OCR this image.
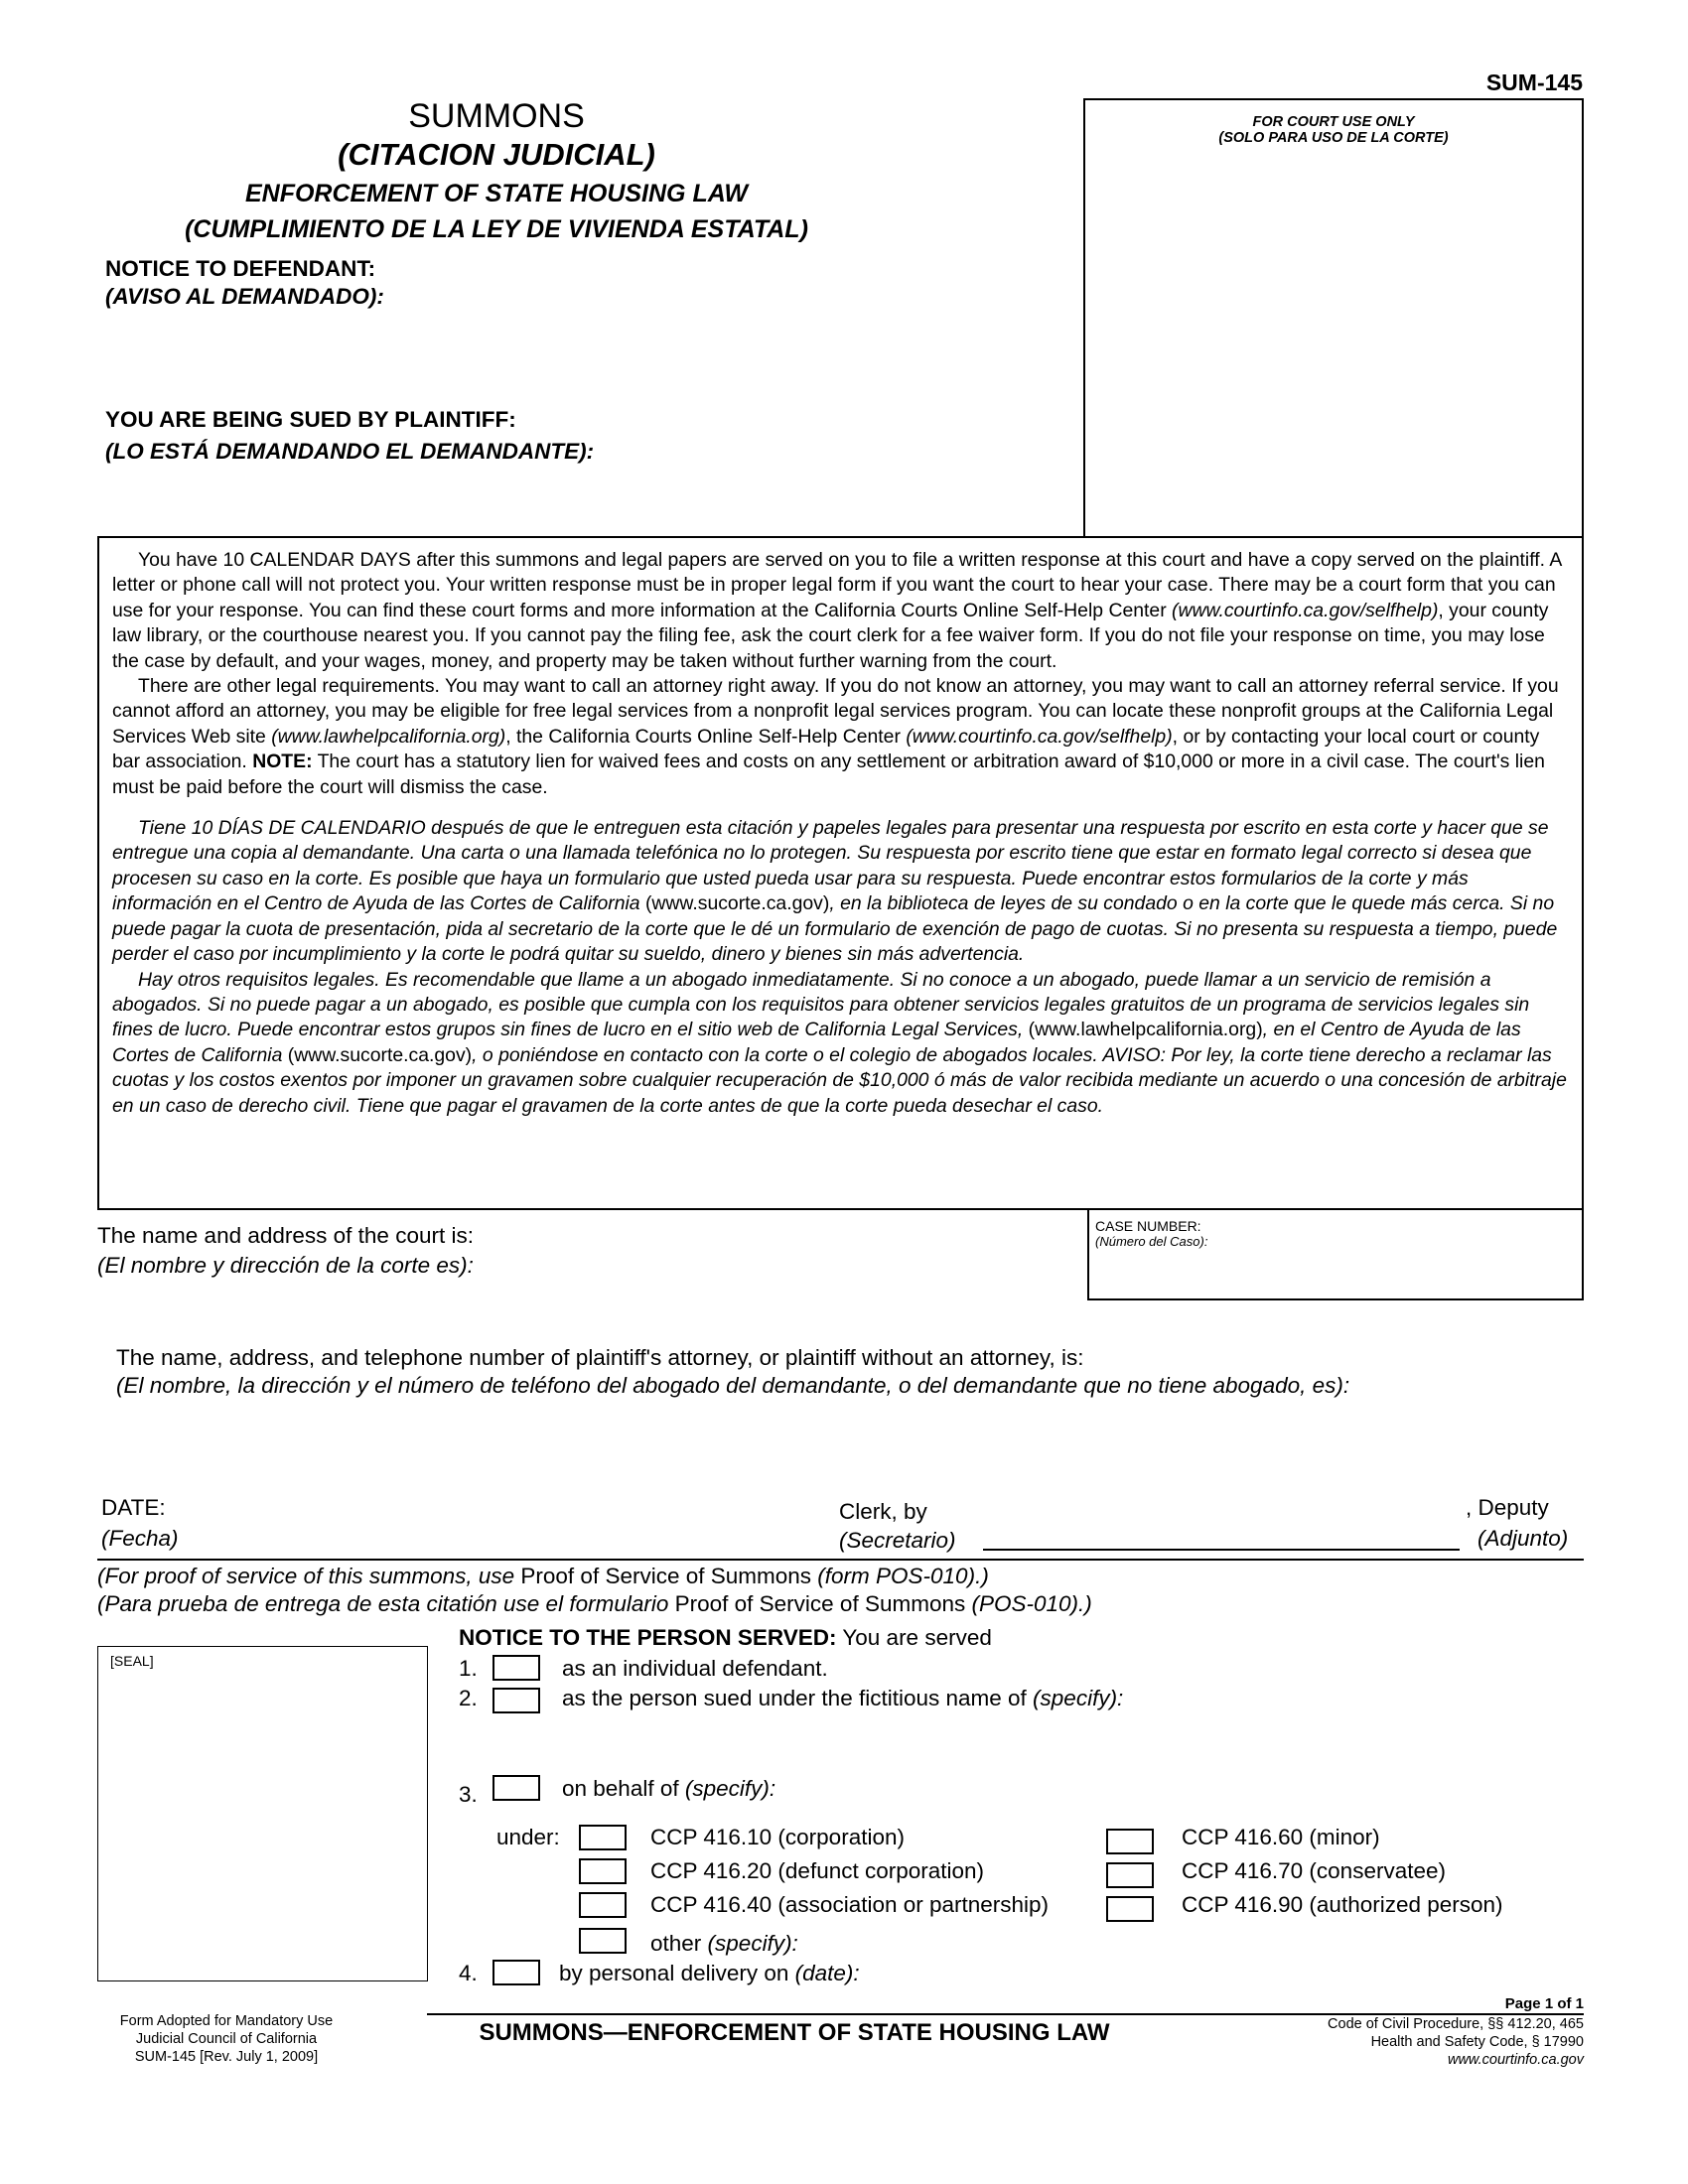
SUM-145
SUMMONS
(CITACION JUDICIAL)
ENFORCEMENT OF STATE HOUSING LAW
(CUMPLIMIENTO DE LA LEY DE VIVIENDA ESTATAL)
NOTICE TO DEFENDANT:
(AVISO AL DEMANDADO):
YOU ARE BEING SUED BY PLAINTIFF:
(LO ESTÁ DEMANDANDO EL DEMANDANTE):
FOR COURT USE ONLY
(SOLO PARA USO DE LA CORTE)

You have 10 CALENDAR DAYS after this summons and legal papers are served on you to file a written response at this court and have a copy served on the plaintiff. A letter or phone call will not protect you. Your written response must be in proper legal form if you want the court to hear your case. There may be a court form that you can use for your response. You can find these court forms and more information at the California Courts Online Self-Help Center (www.courtinfo.ca.gov/selfhelp), your county law library, or the courthouse nearest you. If you cannot pay the filing fee, ask the court clerk for a fee waiver form. If you do not file your response on time, you may lose the case by default, and your wages, money, and property may be taken without further warning from the court.

There are other legal requirements. You may want to call an attorney right away. If you do not know an attorney, you may want to call an attorney referral service. If you cannot afford an attorney, you may be eligible for free legal services from a nonprofit legal services program. You can locate these nonprofit groups at the California Legal Services Web site (www.lawhelpcalifornia.org), the California Courts Online Self-Help Center (www.courtinfo.ca.gov/selfhelp), or by contacting your local court or county bar association. NOTE: The court has a statutory lien for waived fees and costs on any settlement or arbitration award of $10,000 or more in a civil case. The court's lien must be paid before the court will dismiss the case.

Tiene 10 DÍAS DE CALENDARIO después de que le entreguen esta citación y papeles legales para presentar una respuesta por escrito en esta corte y hacer que se entregue una copia al demandante. Una carta o una llamada telefónica no lo protegen. Su respuesta por escrito tiene que estar en formato legal correcto si desea que procesen su caso en la corte. Es posible que haya un formulario que usted pueda usar para su respuesta. Puede encontrar estos formularios de la corte y más información en el Centro de Ayuda de las Cortes de California (www.sucorte.ca.gov), en la biblioteca de leyes de su condado o en la corte que le quede más cerca. Si no puede pagar la cuota de presentación, pida al secretario de la corte que le dé un formulario de exención de pago de cuotas. Si no presenta su respuesta a tiempo, puede perder el caso por incumplimiento y la corte le podrá quitar su sueldo, dinero y bienes sin más advertencia.

Hay otros requisitos legales. Es recomendable que llame a un abogado inmediatamente. Si no conoce a un abogado, puede llamar a un servicio de remisión a abogados. Si no puede pagar a un abogado, es posible que cumpla con los requisitos para obtener servicios legales gratuitos de un programa de servicios legales sin fines de lucro. Puede encontrar estos grupos sin fines de lucro en el sitio web de California Legal Services, (www.lawhelpcalifornia.org), en el Centro de Ayuda de las Cortes de California (www.sucorte.ca.gov), o poniéndose en contacto con la corte o el colegio de abogados locales. AVISO: Por ley, la corte tiene derecho a reclamar las cuotas y los costos exentos por imponer un gravamen sobre cualquier recuperación de $10,000 ó más de valor recibida mediante un acuerdo o una concesión de arbitraje en un caso de derecho civil. Tiene que pagar el gravamen de la corte antes de que la corte pueda desechar el caso.

The name and address of the court is:
(El nombre y dirección de la corte es):
CASE NUMBER:
(Número del Caso):
The name, address, and telephone number of plaintiff's attorney, or plaintiff without an attorney, is:
(El nombre, la dirección y el número de teléfono del abogado del demandante, o del demandante que no tiene abogado, es):
DATE:
(Fecha)
Clerk, by
(Secretario)
, Deputy
(Adjunto)
(For proof of service of this summons, use Proof of Service of Summons (form POS-010).)
(Para prueba de entrega de esta citatión use el formulario Proof of Service of Summons (POS-010).)
[SEAL]
NOTICE TO THE PERSON SERVED: You are served
1.	as an individual defendant.
2.	as the person sued under the fictitious name of (specify):
3.	on behalf of (specify):
under:	CCP 416.10 (corporation)
CCP 416.20 (defunct corporation)
CCP 416.40 (association or partnership)
CCP 416.60 (minor)
CCP 416.70 (conservatee)
CCP 416.90 (authorized person)
other (specify):
4.	by personal delivery on (date):
Page 1 of 1
Form Adopted for Mandatory Use
Judicial Council of California
SUM-145 [Rev. July 1, 2009]
SUMMONS—ENFORCEMENT OF STATE HOUSING LAW	Code of Civil Procedure, §§ 412.20, 465
Health and Safety Code, § 17990
www.courtinfo.ca.gov
